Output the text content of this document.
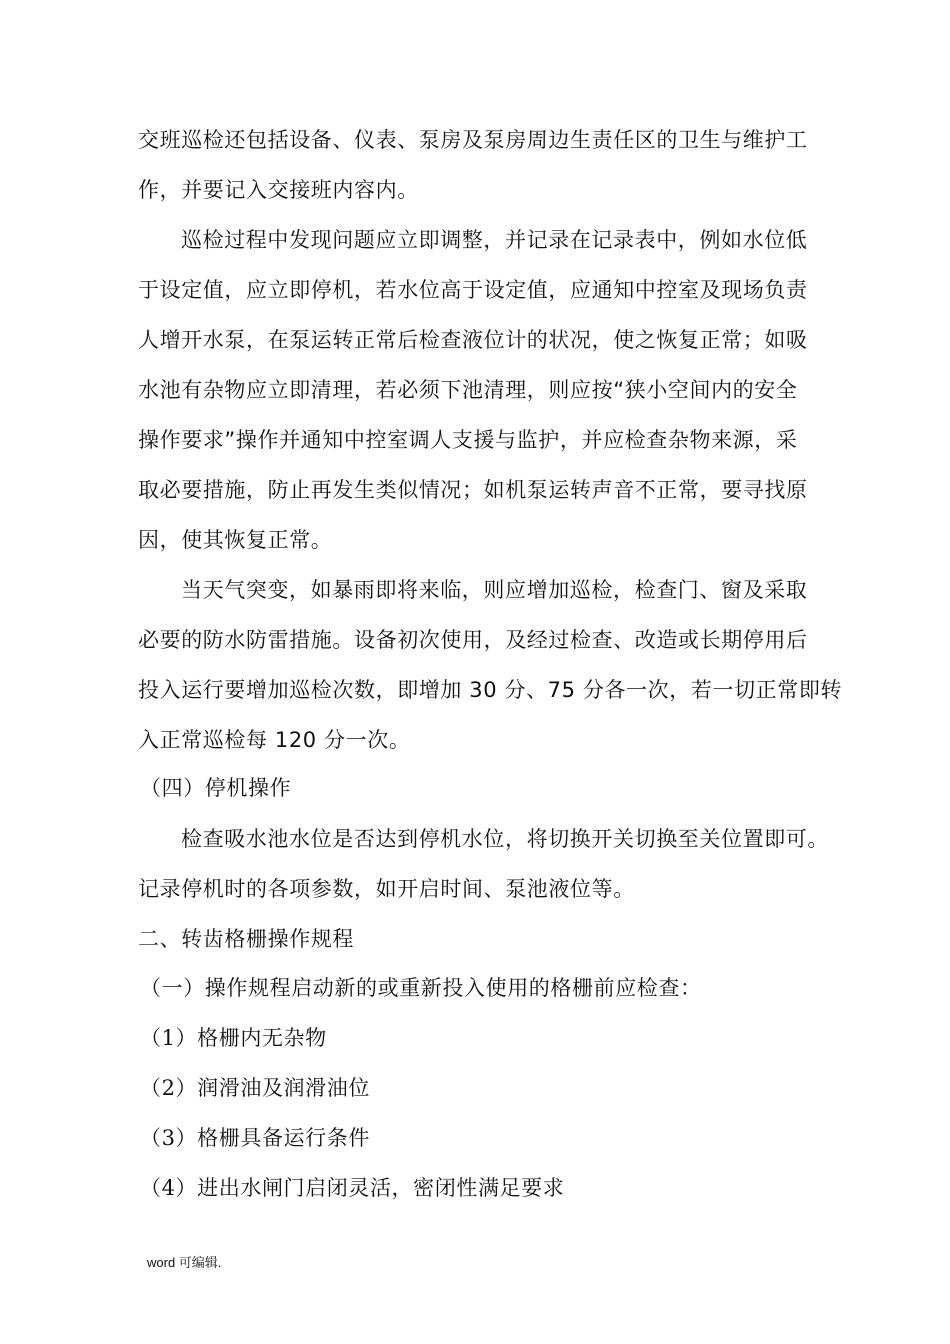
交班巡检还包括设备、仪表、泵房及泵房周边生责任区的卫生与维护工
作，并要记入交接班内容内。
巡检过程中发现问题应立即调整，并记录在记录表中，例如水位低
于设定值，应立即停机，若水位高于设定值，应通知中控室及现场负责
人增开水泵，在泵运转正常后检查液位计的状况，使之恢复正常；如吸
水池有杂物应立即清理，若必须下池清理，则应按“狭小空间内的安全
操作要求”操作并通知中控室调人支援与监护，并应检查杂物来源，采
取必要措施，防止再发生类似情况；如机泵运转声音不正常，要寻找原
因，使其恢复正常。
当天气突变，如暴雨即将来临，则应增加巡检，检查门、窗及采取
必要的防水防雷措施。设备初次使用，及经过检查、改造或长期停用后
投入运行要增加巡检次数，即增加 30 分、75 分各一次，若一切正常即转
入正常巡检每 120 分一次。
（四）停机操作
检查吸水池水位是否达到停机水位，将切换开关切换至关位置即可。
记录停机时的各项参数，如开启时间、泵池液位等。
二、转齿格栅操作规程
（一）操作规程启动新的或重新投入使用的格栅前应检查：
（1）格栅内无杂物
（2）润滑油及润滑油位
（3）格栅具备运行条件
（4）进出水闸门启闭灵活，密闭性满足要求
word 可编辑.
